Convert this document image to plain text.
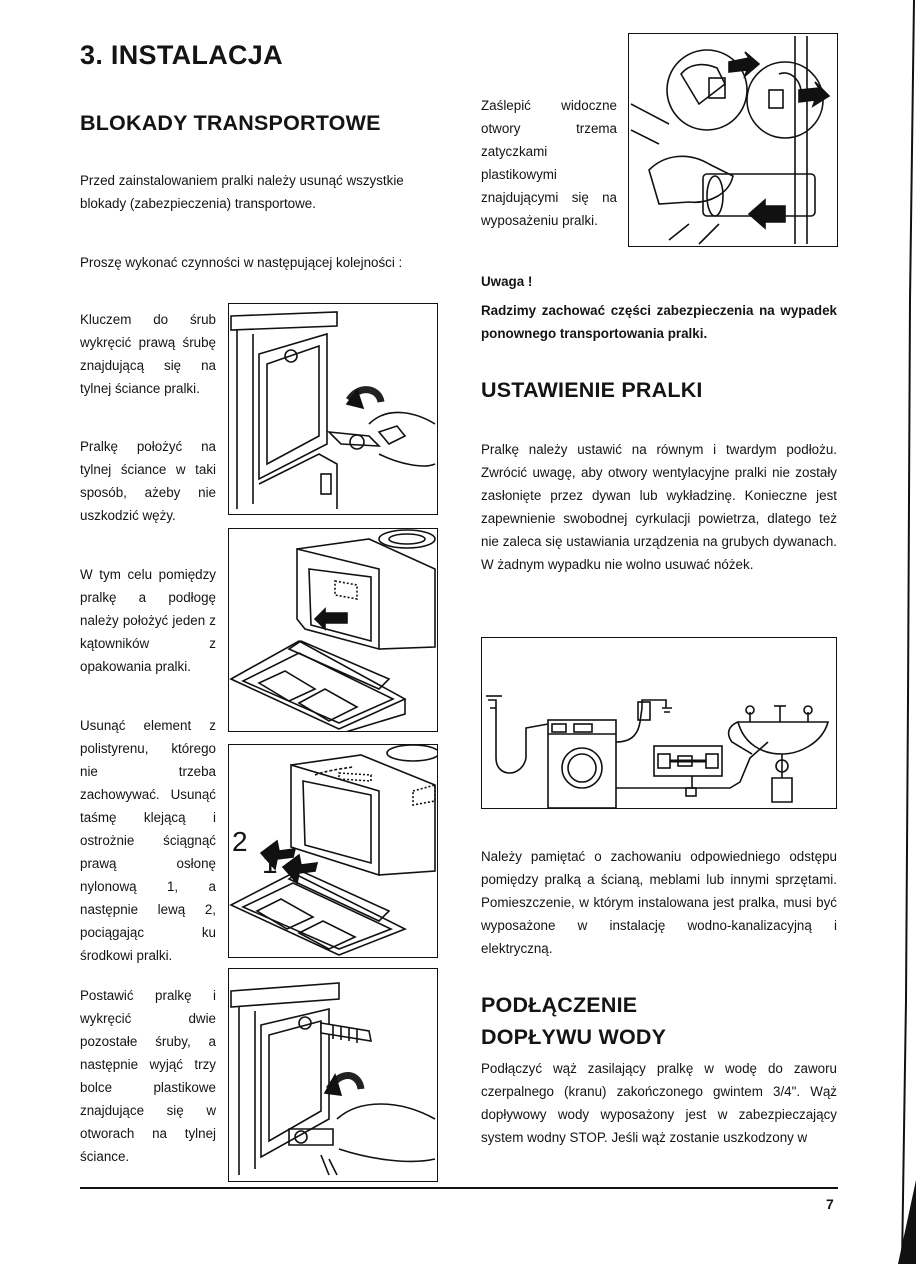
3. INSTALACJA
BLOKADY TRANSPORTOWE

Przed zainstalowaniem pralki należy usunąć wszystkie blokady (zabezpieczenia) transportowe.

Proszę wykonać czynności w następującej kolejności :

Kluczem do śrub wykręcić prawą śrubę znajdującą się na tylnej ściance pralki.

Pralkę położyć na tylnej ściance w taki sposób, ażeby nie uszkodzić węży.

W tym celu pomiędzy pralkę a podłogę należy położyć jeden z kątowników z opakowania pralki.

Usunąć element z polistyrenu, którego nie trzeba zachowywać. Usunąć taśmę klejącą i ostrożnie ściągnąć prawą osłonę nylonową 1, a następnie lewą 2, pociągając ku środkowi pralki.

Postawić pralkę i wykręcić dwie pozostałe śruby, a następnie wyjąć trzy bolce plastikowe znajdujące się w otworach na tylnej ściance.

2
1

Zaślepić widoczne otwory trzema zatyczkami plastikowymi znajdującymi się na wyposażeniu pralki.

Uwaga !

Radzimy zachować części zabezpieczenia na wypadek ponownego transportowania pralki.

USTAWIENIE PRALKI

Pralkę należy ustawić na równym i twardym podłożu. Zwrócić uwagę, aby otwory wentylacyjne pralki nie zostały zasłonięte przez dywan lub wykładzinę. Konieczne jest zapewnienie swobodnej cyrkulacji powietrza, dlatego też nie zaleca się ustawiania urządzenia na grubych dywanach. W żadnym wypadku nie wolno usuwać nóżek.

Należy pamiętać o zachowaniu odpowiedniego odstępu pomiędzy pralką a ścianą, meblami lub innymi sprzętami. Pomieszczenie, w którym instalowana jest pralka, musi być wyposażone w instalację wodno-kanalizacyjną i elektryczną.

PODŁĄCZENIE
DOPŁYWU WODY

Podłączyć wąż zasilający pralkę w wodę do zaworu czerpalnego (kranu) zakończonego gwintem 3/4". Wąż dopływowy wody wyposażony jest w zabezpieczający system wodny STOP. Jeśli wąż zostanie uszkodzony w

7
